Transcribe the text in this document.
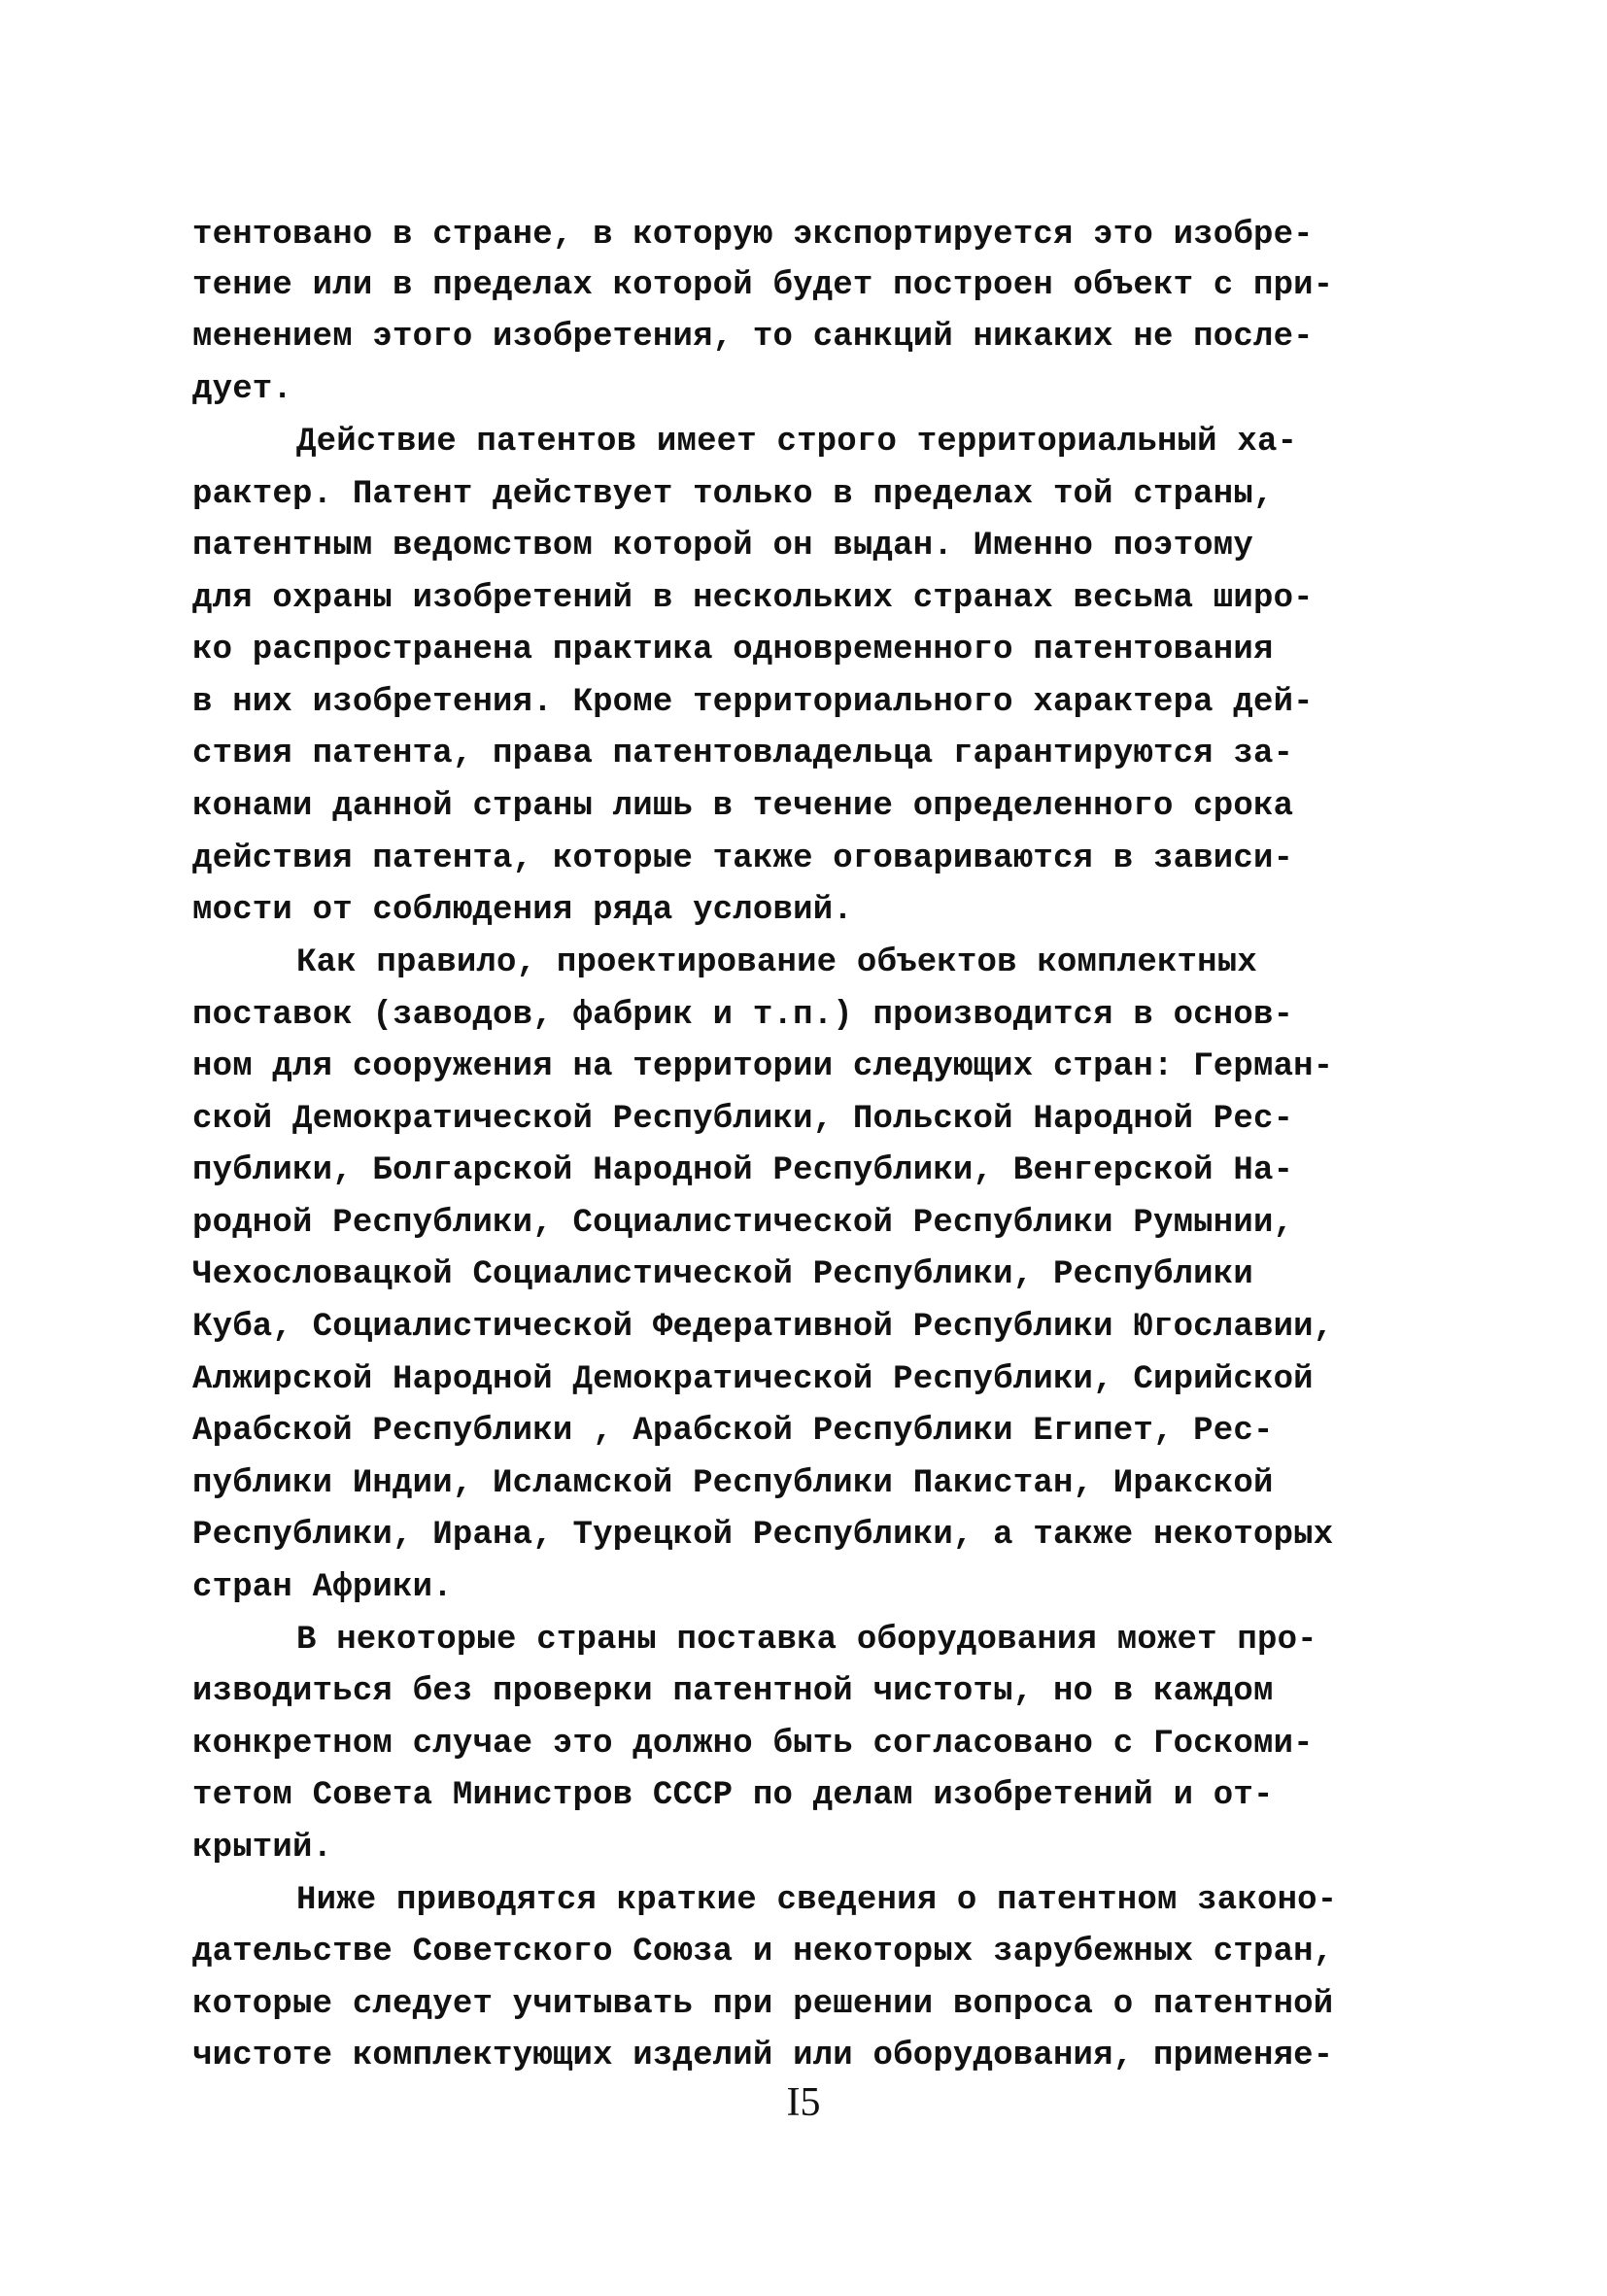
тентовано в стране, в которую экспортируется это изобре-
тение или в пределах которой будет построен объект с при-
менением этого изобретения, то санкций никаких не после-
дует.
Действие патентов имеет строго территориальный ха-
рактер. Патент действует только в пределах той страны,
патентным ведомством которой он выдан. Именно поэтому
для охраны изобретений в нескольких странах весьма широ-
ко распространена практика одновременного патентования
в них изобретения. Кроме территориального характера дей-
ствия патента, права патентовладельца гарантируются за-
конами данной страны лишь в течение определенного срока
действия патента, которые также оговариваются в зависи-
мости от соблюдения ряда условий.
Как правило, проектирование объектов комплектных
поставок (заводов, фабрик и т.п.) производится в основ-
ном для сооружения на территории следующих стран: Герман-
ской Демократической Республики, Польской Народной Рес-
публики, Болгарской Народной Республики, Венгерской На-
родной Республики, Социалистической Республики Румынии,
Чехословацкой Социалистической Республики, Республики
Куба, Социалистической Федеративной Республики Югославии,
Алжирской Народной Демократической Республики, Сирийской
Арабской Республики , Арабской Республики Египет, Рес-
публики Индии, Исламской Республики Пакистан, Иракской
Республики, Ирана, Турецкой Республики, а также некоторых
стран Африки.
В некоторые страны поставка оборудования может про-
изводиться без проверки патентной чистоты, но в каждом
конкретном случае это должно быть согласовано с Госкоми-
тетом Совета Министров СССР по делам изобретений и от-
крытий.
Ниже приводятся краткие сведения о патентном законо-
дательстве Советского Союза и некоторых зарубежных стран,
которые следует учитывать при решении вопроса о патентной
чистоте комплектующих изделий или оборудования, применяе-
I5
